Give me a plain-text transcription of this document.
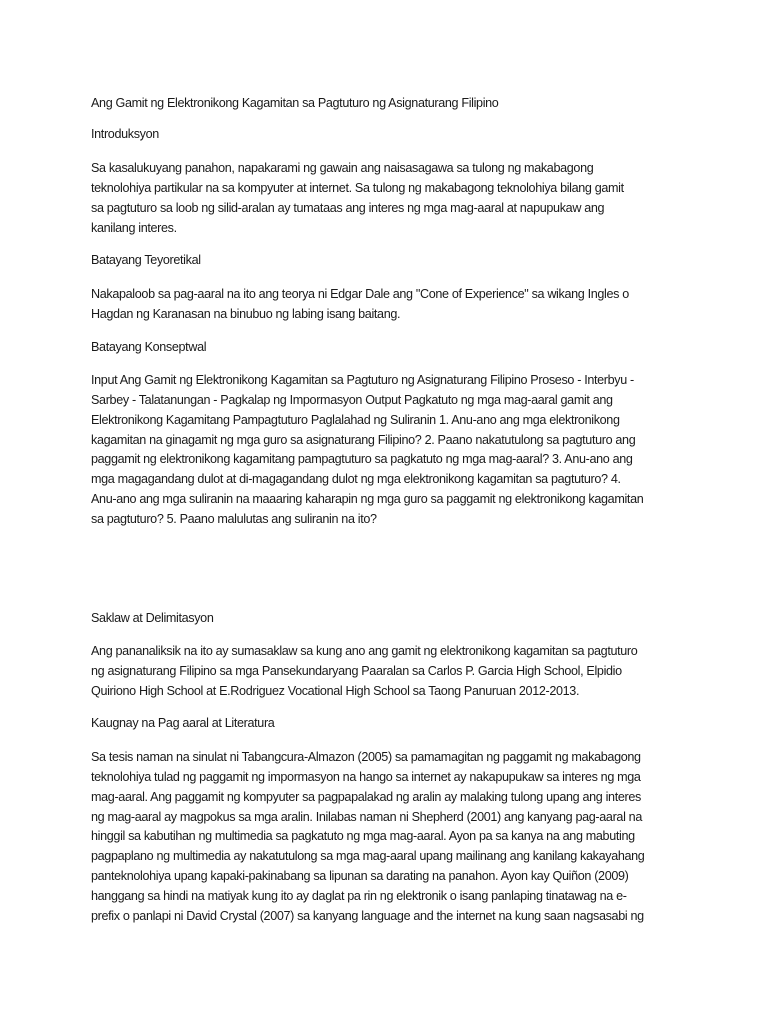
Ang Gamit ng Elektronikong Kagamitan sa Pagtuturo ng Asignaturang Filipino
Introduksyon
Sa kasalukuyang panahon, napakarami ng gawain ang naisasagawa sa tulong ng makabagong
teknolohiya partikular na sa kompyuter at internet. Sa tulong ng makabagong teknolohiya bilang gamit
sa pagtuturo sa loob ng silid-aralan ay tumataas ang interes ng mga mag-aaral at napupukaw ang
kanilang interes.
Batayang Teyoretikal
Nakapaloob sa pag-aaral na ito ang teorya ni Edgar Dale ang "Cone of Experience" sa wikang Ingles o
Hagdan ng Karanasan na binubuo ng labing isang baitang.
Batayang Konseptwal
Input Ang Gamit ng Elektronikong Kagamitan sa Pagtuturo ng Asignaturang Filipino Proseso - Interbyu -
Sarbey - Talatanungan - Pagkalap ng Impormasyon Output Pagkatuto ng mga mag-aaral gamit ang
Elektronikong Kagamitang Pampagtuturo Paglalahad ng Suliranin 1. Anu-ano ang mga elektronikong
kagamitan na ginagamit ng mga guro sa asignaturang Filipino? 2. Paano nakatutulong sa pagtuturo ang
paggamit ng elektronikong kagamitang pampagtuturo sa pagkatuto ng mga mag-aaral? 3. Anu-ano ang
mga magagandang dulot at di-magagandang dulot ng mga elektronikong kagamitan sa pagtuturo? 4.
Anu-ano ang mga suliranin na maaaring kaharapin ng mga guro sa paggamit ng elektronikong kagamitan
sa pagtuturo? 5. Paano malulutas ang suliranin na ito?
Saklaw at Delimitasyon
Ang pananaliksik na ito ay sumasaklaw sa kung ano ang gamit ng elektronikong kagamitan sa pagtuturo
ng asignaturang Filipino sa mga Pansekundaryang Paaralan sa Carlos P. Garcia High School, Elpidio
Quiriono High School at E.Rodriguez Vocational High School sa Taong Panuruan 2012-2013.
Kaugnay na Pag aaral at Literatura
Sa tesis naman na sinulat ni Tabangcura-Almazon (2005) sa pamamagitan ng paggamit ng makabagong
teknolohiya tulad ng paggamit ng impormasyon na hango sa internet ay nakapupukaw sa interes ng mga
mag-aaral. Ang paggamit ng kompyuter sa pagpapalakad ng aralin ay malaking tulong upang ang interes
ng mag-aaral ay magpokus sa mga aralin. Inilabas naman ni Shepherd (2001) ang kanyang pag-aaral na
hinggil sa kabutihan ng multimedia sa pagkatuto ng mga mag-aaral. Ayon pa sa kanya na ang mabuting
pagpaplano ng multimedia ay nakatutulong sa mga mag-aaral upang mailinang ang kanilang kakayahang
panteknolohiya upang kapaki-pakinabang sa lipunan sa darating na panahon. Ayon kay Quiñon (2009)
hanggang sa hindi na matiyak kung ito ay daglat pa rin ng elektronik o isang panlaping tinatawag na e-
prefix o panlapi ni David Crystal (2007) sa kanyang language and the internet na kung saan nagsasabi ng
